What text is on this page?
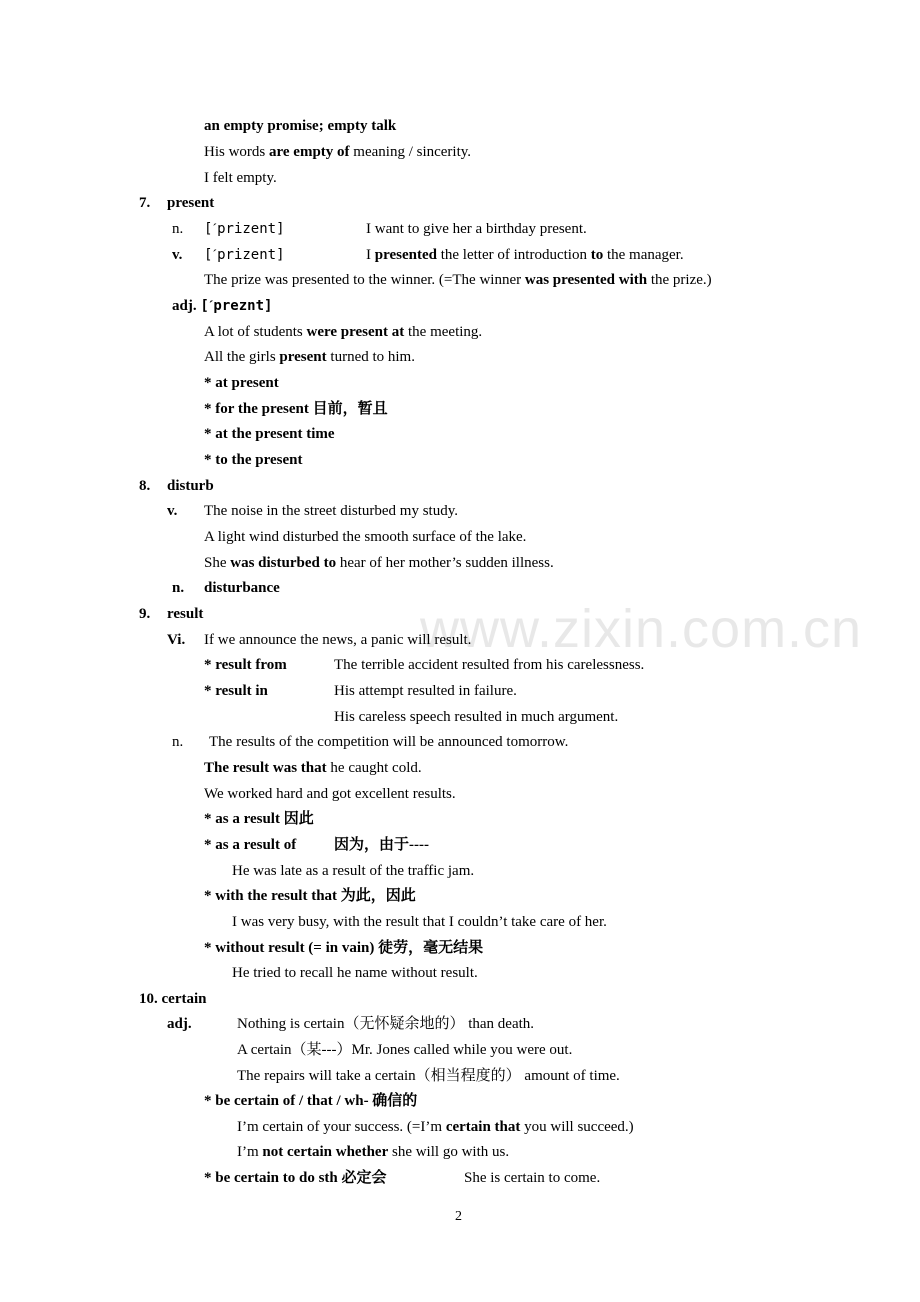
www.zixin.com.cn
an empty promise; empty talk
His words are empty of meaning / sincerity.
I felt empty.
7. present
n. [ˊprizent]	I want to give her a birthday present.
v. [ˊprizent]	I presented the letter of introduction to the manager.
The prize was presented to the winner. (=The winner was presented with the prize.)
adj. [ˊpreznt]
A lot of students were present at the meeting.
All the girls present turned to him.
* at present
* for the present 目前，暂且
* at the present time
* to the present
8. disturb
v. The noise in the street disturbed my study.
A light wind disturbed the smooth surface of the lake.
She was disturbed to hear of her mother’s sudden illness.
n. disturbance
9. result
Vi. If we announce the news, a panic will result.
* result from	The terrible accident resulted from his carelessness.
* result in	His attempt resulted in failure.
His careless speech resulted in much argument.
n. The results of the competition will be announced tomorrow.
The result was that he caught cold.
We worked hard and got excellent results.
* as a result 因此
* as a result of	因为，由于----
He was late as a result of the traffic jam.
* with the result that 为此，因此
I was very busy, with the result that I couldn’t take care of her.
* without result (= in vain) 徒劳，毫无结果
He tried to recall he name without result.
10. certain
adj.	Nothing is certain（无怀疑余地的） than death.
A certain（某---）Mr. Jones called while you were out.
The repairs will take a certain（相当程度的） amount of time.
* be certain of / that / wh- 确信的
I’m certain of your success. (=I’m certain that you will succeed.)
I’m not certain whether she will go with us.
* be certain to do sth 必定会	She is certain to come.
2
